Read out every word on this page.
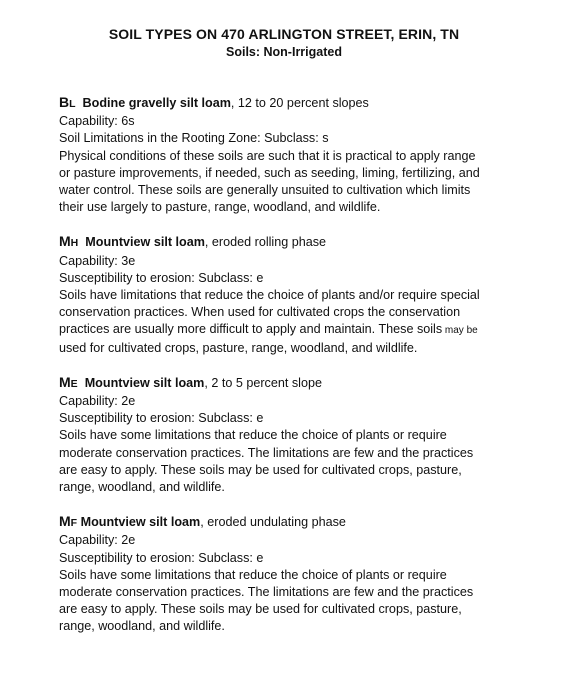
SOIL TYPES ON 470 ARLINGTON STREET, ERIN, TN
Soils: Non-Irrigated
BL Bodine gravelly silt loam, 12 to 20 percent slopes
Capability: 6s
Soil Limitations in the Rooting Zone: Subclass: s
Physical conditions of these soils are such that it is practical to apply range
or pasture improvements, if needed, such as seeding, liming, fertilizing, and
water control. These soils are generally unsuited to cultivation which limits
their use largely to pasture, range, woodland, and wildlife.
MH Mountview silt loam, eroded rolling phase
Capability: 3e
Susceptibility to erosion: Subclass: e
Soils have limitations that reduce the choice of plants and/or require special
conservation practices. When used for cultivated crops the conservation
practices are usually more difficult to apply and maintain. These soils may be
used for cultivated crops, pasture, range, woodland, and wildlife.
ME Mountview silt loam, 2 to 5 percent slope
Capability: 2e
Susceptibility to erosion: Subclass: e
Soils have some limitations that reduce the choice of plants or require
moderate conservation practices. The limitations are few and the practices
are easy to apply. These soils may be used for cultivated crops, pasture,
range, woodland, and wildlife.
MF Mountview silt loam, eroded undulating phase
Capability: 2e
Susceptibility to erosion: Subclass: e
Soils have some limitations that reduce the choice of plants or require
moderate conservation practices. The limitations are few and the practices
are easy to apply. These soils may be used for cultivated crops, pasture,
range, woodland, and wildlife.
